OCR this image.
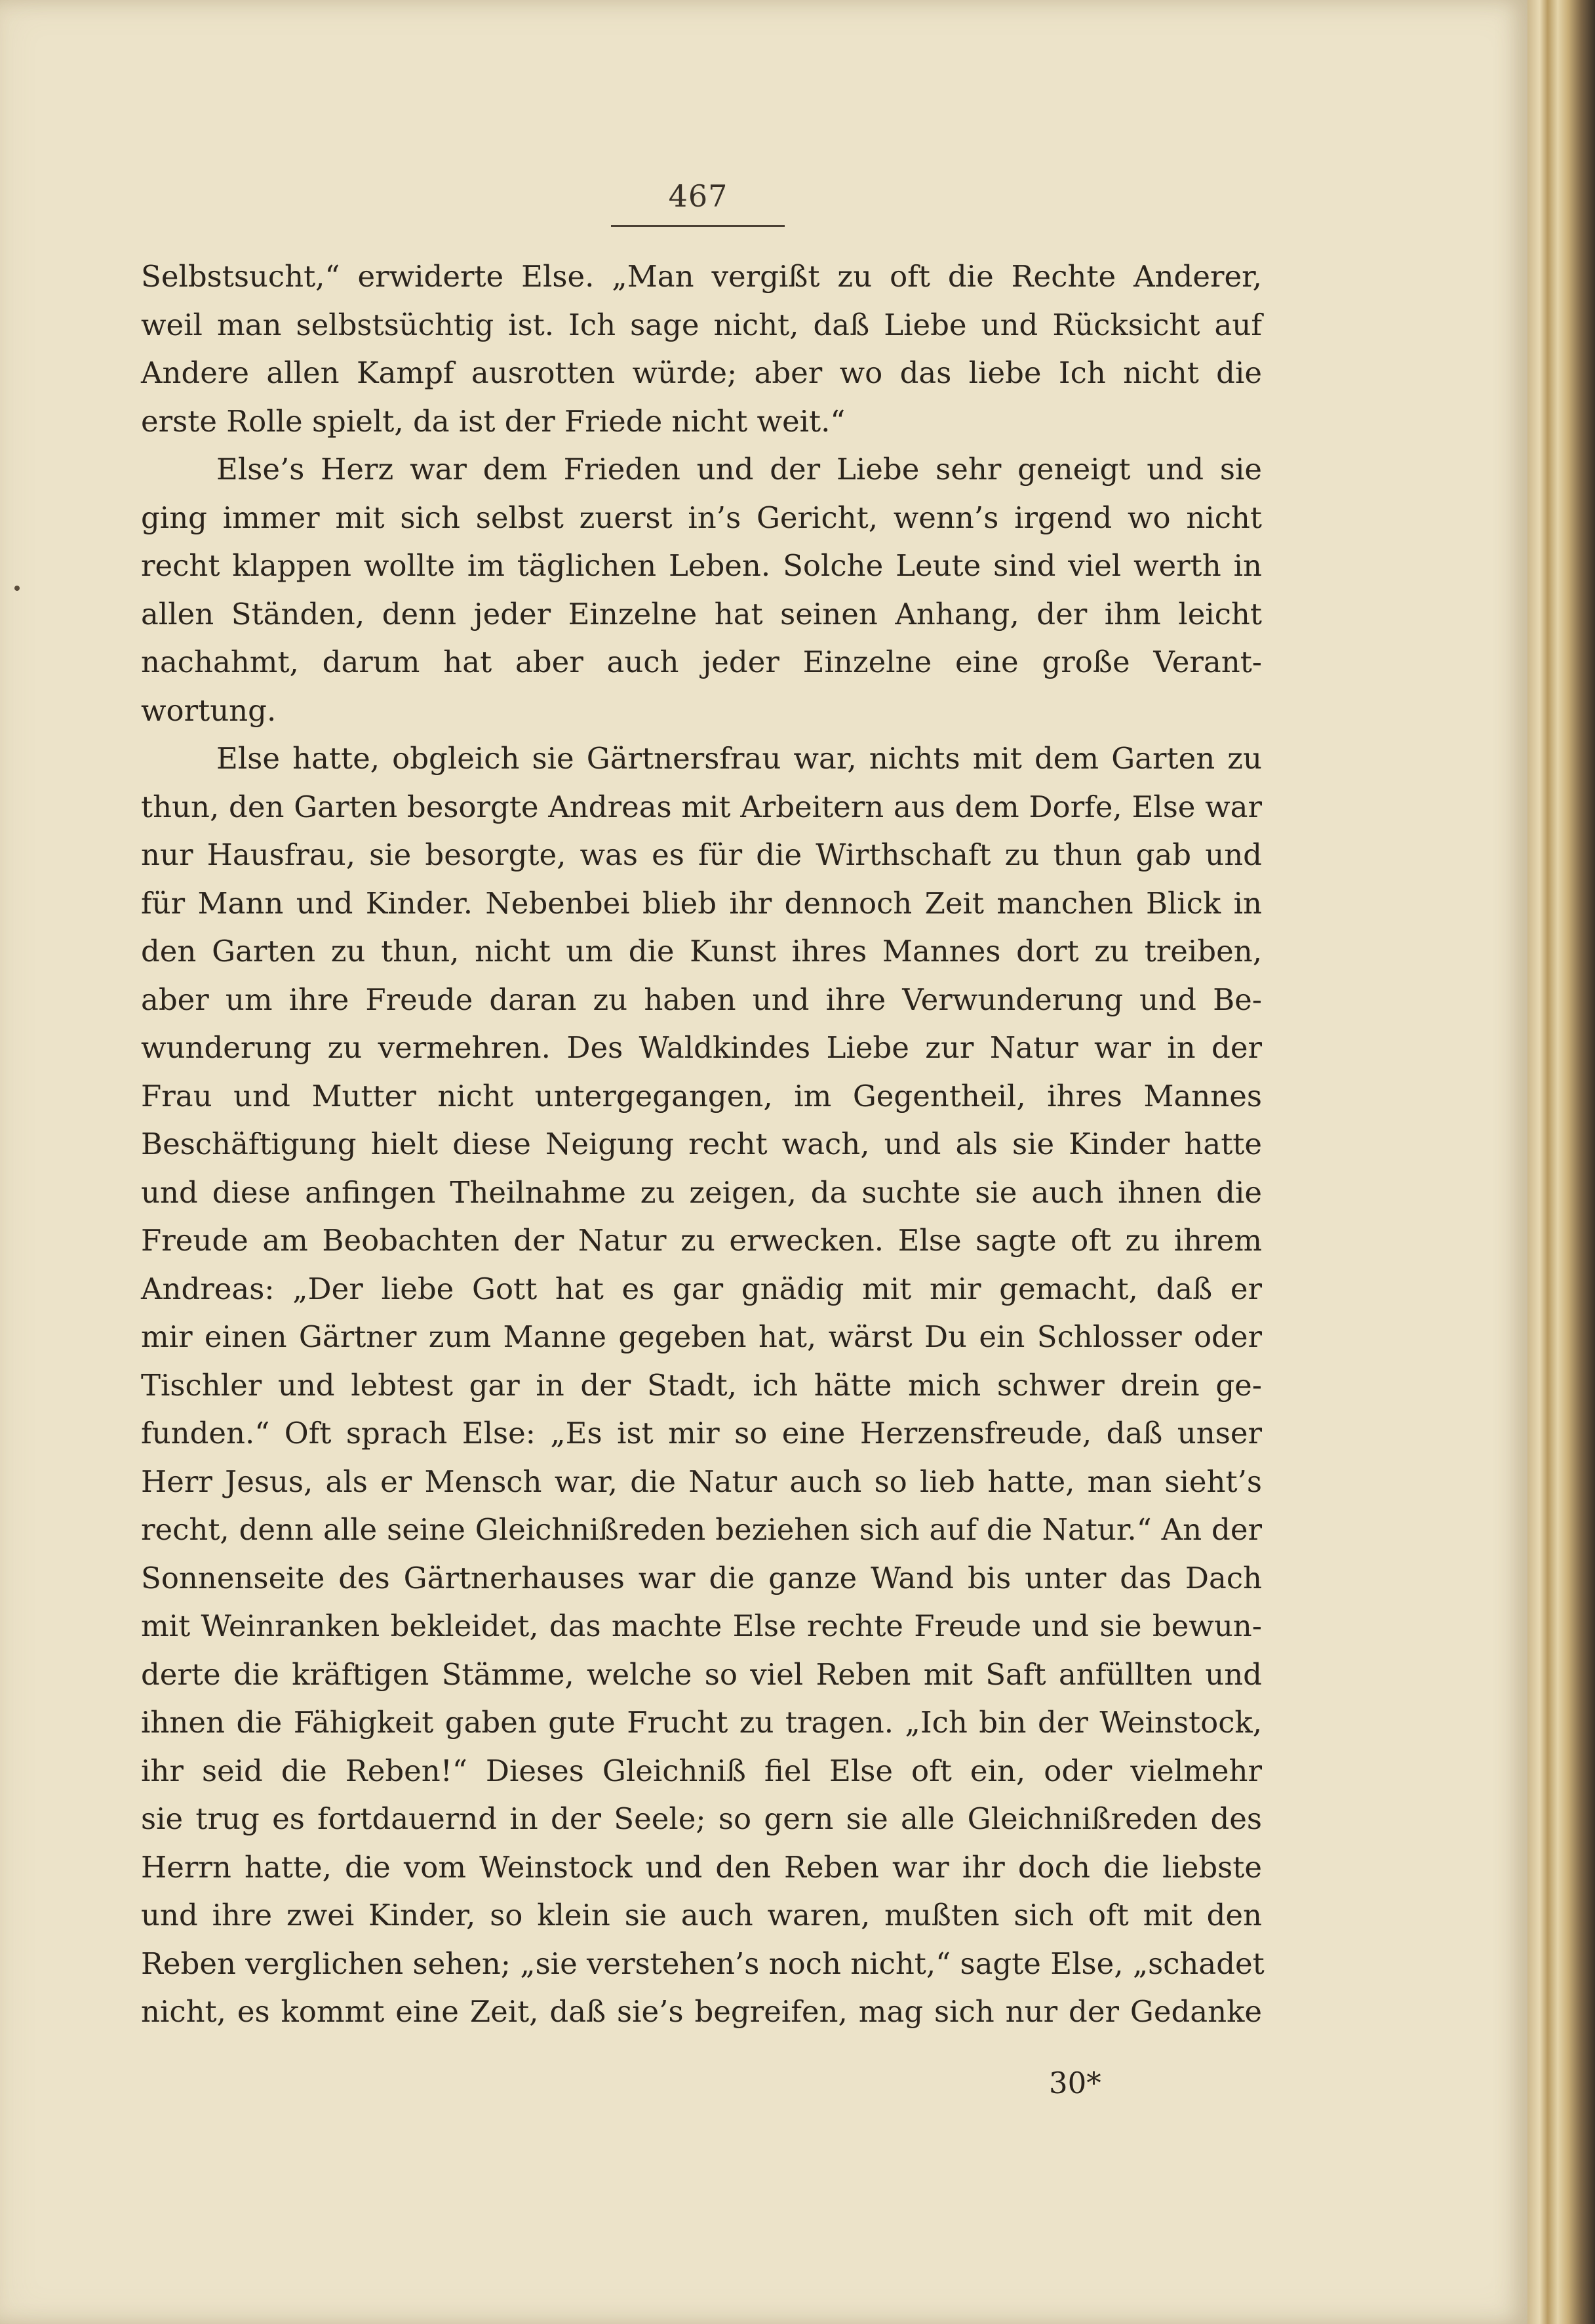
467
Selbstsucht,“ erwiderte Else. „Man vergißt zu oft die Rechte Anderer,
weil man selbstsüchtig ist. Ich sage nicht, daß Liebe und Rücksicht auf
Andere allen Kampf ausrotten würde; aber wo das liebe Ich nicht die
erste Rolle spielt, da ist der Friede nicht weit.“
Else’s Herz war dem Frieden und der Liebe sehr geneigt und sie
ging immer mit sich selbst zuerst in’s Gericht, wenn’s irgend wo nicht
recht klappen wollte im täglichen Leben. Solche Leute sind viel werth in
allen Ständen, denn jeder Einzelne hat seinen Anhang, der ihm leicht
nachahmt, darum hat aber auch jeder Einzelne eine große Verant-
wortung.
Else hatte, obgleich sie Gärtnersfrau war, nichts mit dem Garten zu
thun, den Garten besorgte Andreas mit Arbeitern aus dem Dorfe, Else war
nur Hausfrau, sie besorgte, was es für die Wirthschaft zu thun gab und
für Mann und Kinder. Nebenbei blieb ihr dennoch Zeit manchen Blick in
den Garten zu thun, nicht um die Kunst ihres Mannes dort zu treiben,
aber um ihre Freude daran zu haben und ihre Verwunderung und Be-
wunderung zu vermehren. Des Waldkindes Liebe zur Natur war in der
Frau und Mutter nicht untergegangen, im Gegentheil, ihres Mannes
Beschäftigung hielt diese Neigung recht wach, und als sie Kinder hatte
und diese anfingen Theilnahme zu zeigen, da suchte sie auch ihnen die
Freude am Beobachten der Natur zu erwecken. Else sagte oft zu ihrem
Andreas: „Der liebe Gott hat es gar gnädig mit mir gemacht, daß er
mir einen Gärtner zum Manne gegeben hat, wärst Du ein Schlosser oder
Tischler und lebtest gar in der Stadt, ich hätte mich schwer drein ge-
funden.“ Oft sprach Else: „Es ist mir so eine Herzensfreude, daß unser
Herr Jesus, als er Mensch war, die Natur auch so lieb hatte, man sieht’s
recht, denn alle seine Gleichnißreden beziehen sich auf die Natur.“ An der
Sonnenseite des Gärtnerhauses war die ganze Wand bis unter das Dach
mit Weinranken bekleidet, das machte Else rechte Freude und sie bewun-
derte die kräftigen Stämme, welche so viel Reben mit Saft anfüllten und
ihnen die Fähigkeit gaben gute Frucht zu tragen. „Ich bin der Weinstock,
ihr seid die Reben!“ Dieses Gleichniß fiel Else oft ein, oder vielmehr
sie trug es fortdauernd in der Seele; so gern sie alle Gleichnißreden des
Herrn hatte, die vom Weinstock und den Reben war ihr doch die liebste
und ihre zwei Kinder, so klein sie auch waren, mußten sich oft mit den
Reben verglichen sehen; „sie verstehen’s noch nicht,“ sagte Else, „schadet
nicht, es kommt eine Zeit, daß sie’s begreifen, mag sich nur der Gedanke
30*
